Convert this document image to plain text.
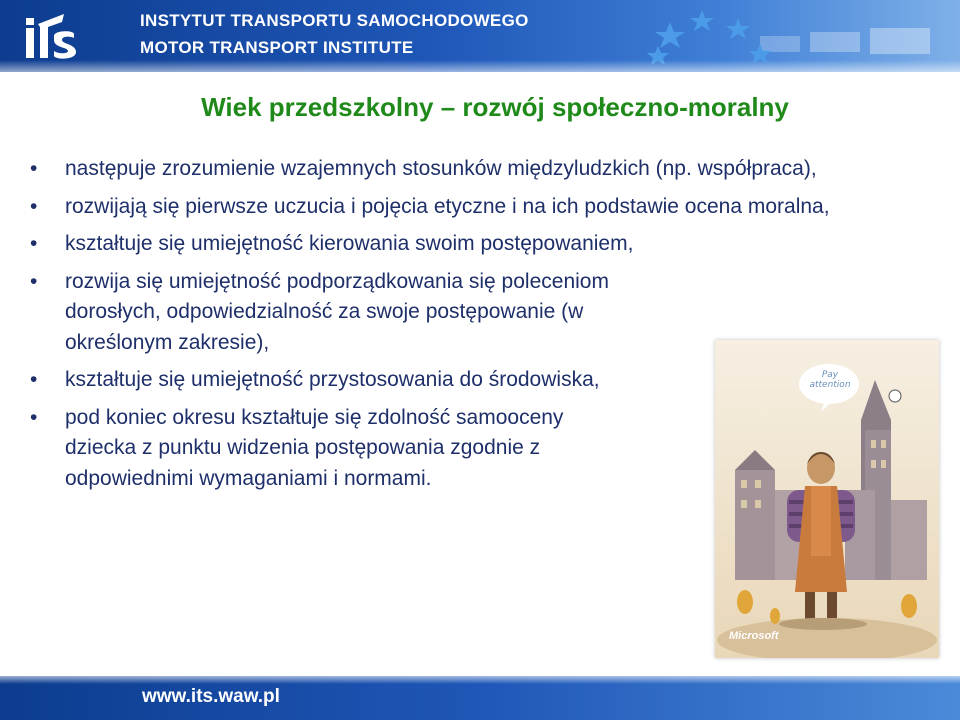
INSTYTUT TRANSPORTU SAMOCHODOWEGO
MOTOR TRANSPORT INSTITUTE
Wiek przedszkolny – rozwój społeczno-moralny
• następuje zrozumienie wzajemnych stosunków międzyludzkich (np. współpraca),
• rozwijają się pierwsze uczucia i pojęcia etyczne i na ich podstawie ocena moralna,
• kształtuje się umiejętność kierowania swoim postępowaniem,
• rozwija się umiejętność podporządkowania się poleceniom dorosłych, odpowiedzialność za swoje postępowanie (w określonym zakresie),
• kształtuje się umiejętność przystosowania do środowiska,
• pod koniec okresu kształtuje się zdolność samooceny dziecka z punktu widzenia postępowania zgodnie z odpowiednimi wymaganiami i normami.
Pay attention
Microsoft
www.its.waw.pl
